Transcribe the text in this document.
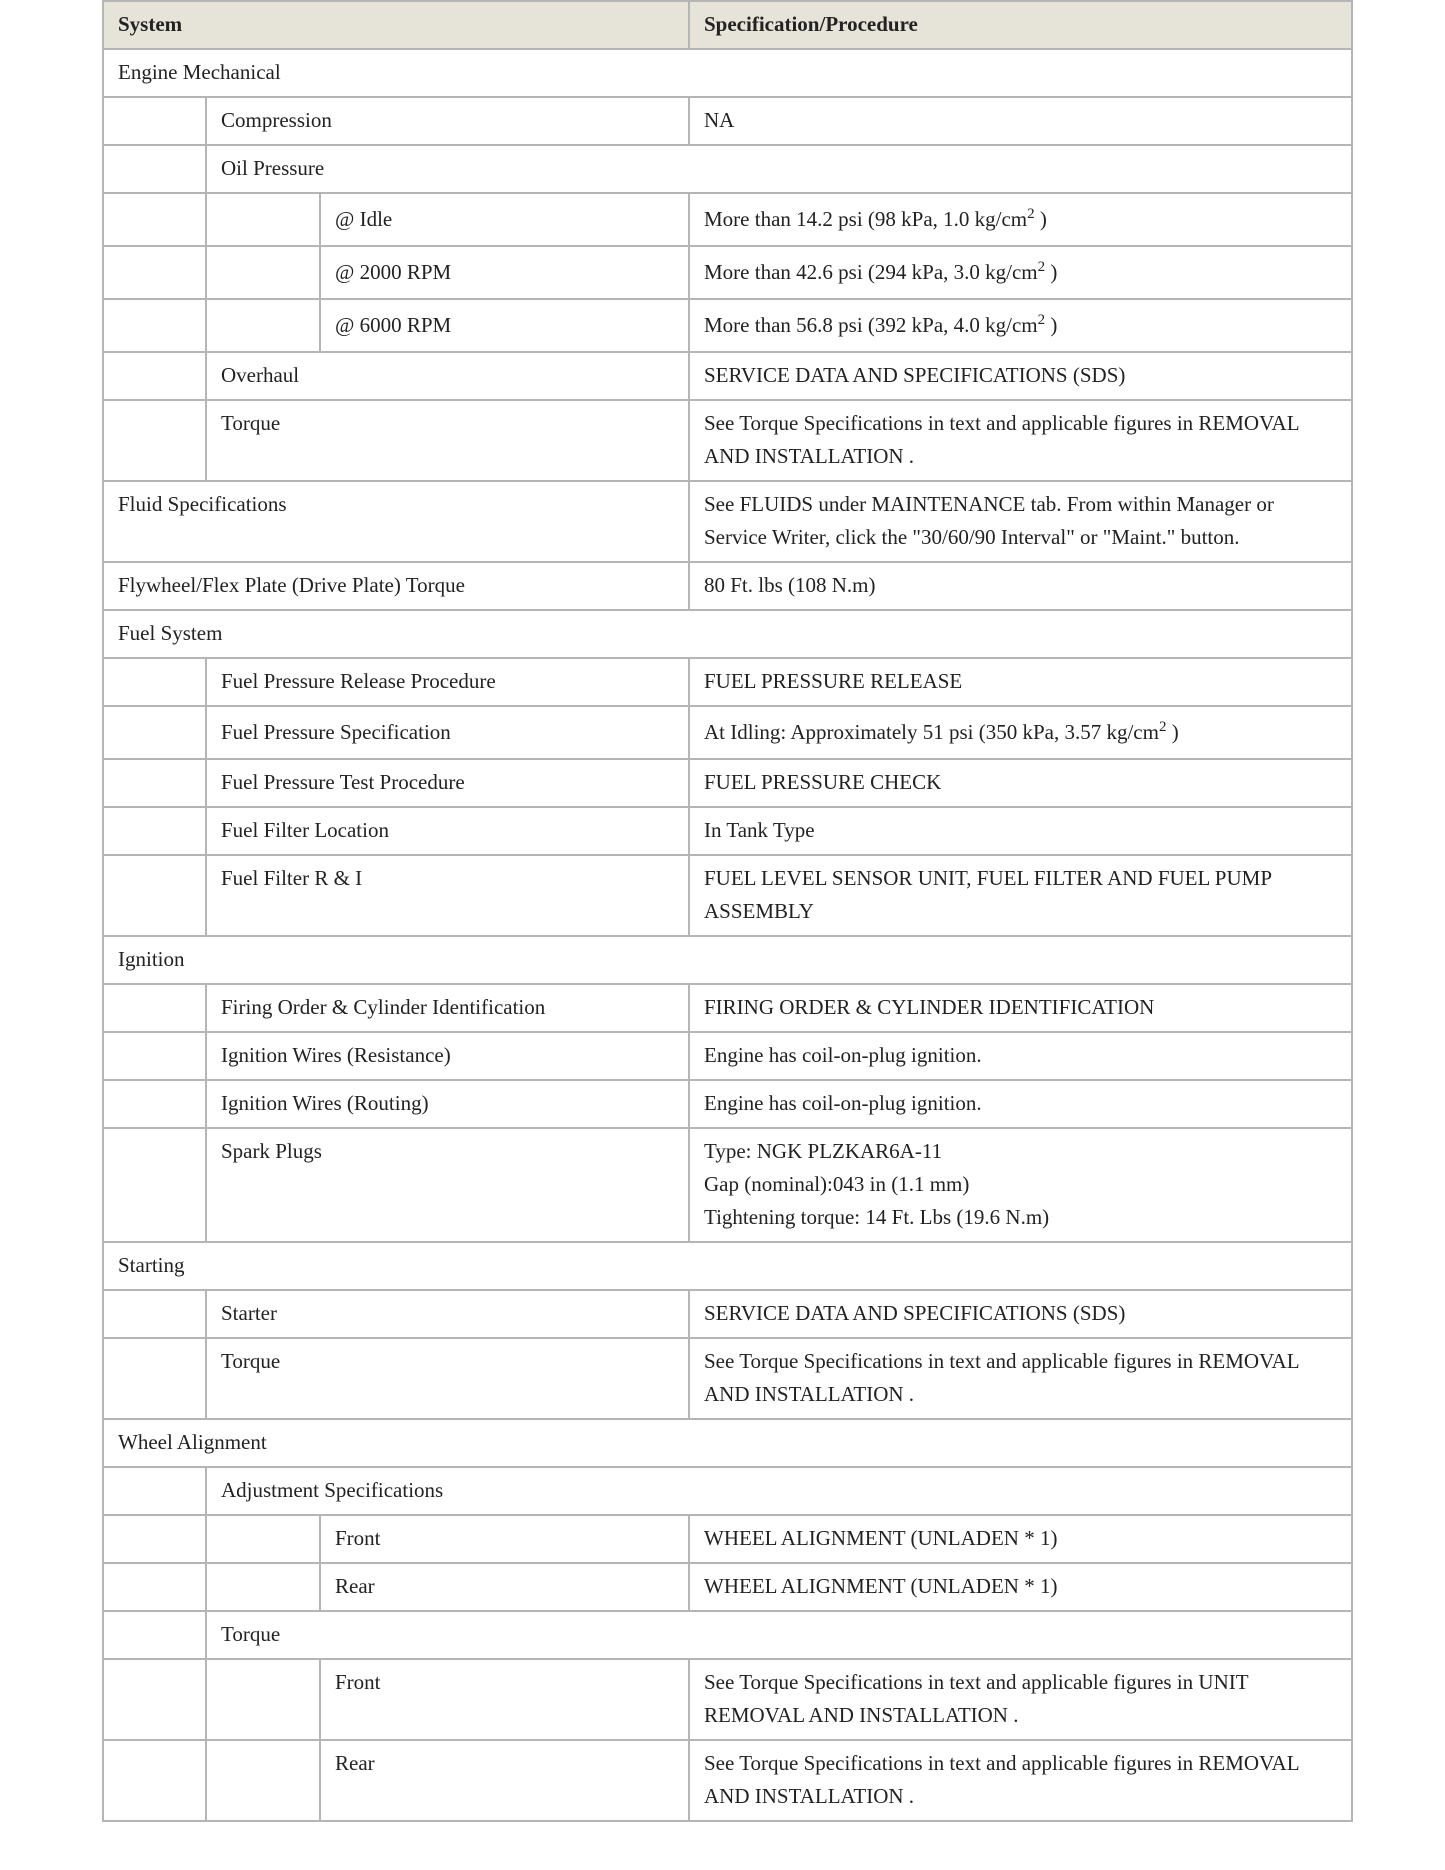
System			Specification/Procedure
Engine Mechanical			
	Compression		NA
	Oil Pressure		
		@ Idle	More than 14.2 psi (98 kPa, 1.0 $kg/cm^2$ )
		@ 2000 RPM	More than 42.6 psi (294 kPa, 3.0 $kg/cm^2$ )
		@ 6000 RPM	More than 56.8 psi (392 kPa, 4.0 $kg/cm^2$ )
	Overhaul		SERVICE DATA AND SPECIFICATIONS (SDS)
	Torque		See Torque Specifications in text and applicable figures in REMOVAL AND INSTALLATION .
Fluid Specifications			See FLUIDS under MAINTENANCE tab. From within Manager or Service Writer, click the "30/60/90 Interval" or "Maint." button.
Flywheel/Flex Plate (Drive Plate) Torque			80 Ft. lbs (108 N.m)
Fuel System			
	Fuel Pressure Release Procedure		FUEL PRESSURE RELEASE
	Fuel Pressure Specification		At Idling: Approximately 51 psi (350 kPa, 3.57 $kg/cm^2$ )
	Fuel Pressure Test Procedure		FUEL PRESSURE CHECK
	Fuel Filter Location		In Tank Type
	Fuel Filter R & I		FUEL LEVEL SENSOR UNIT, FUEL FILTER AND FUEL PUMP ASSEMBLY
Ignition			
	Firing Order & Cylinder Identification		FIRING ORDER & CYLINDER IDENTIFICATION
	Ignition Wires (Resistance)		Engine has coil-on-plug ignition.
	Ignition Wires (Routing)		Engine has coil-on-plug ignition.
	Spark Plugs		Type: NGK PLZKAR6A-11
Gap (nominal):043 in (1.1 mm)
Tightening torque: 14 Ft. Lbs (19.6 N.m)

Starting			
	Starter		SERVICE DATA AND SPECIFICATIONS (SDS)
	Torque		See Torque Specifications in text and applicable figures in REMOVAL AND INSTALLATION .
Wheel Alignment			
	Adjustment Specifications		
		Front	WHEEL ALIGNMENT (UNLADEN * 1)
		Rear	WHEEL ALIGNMENT (UNLADEN * 1)
	Torque		
		Front	See Torque Specifications in text and applicable figures in UNIT REMOVAL AND INSTALLATION .
		Rear	See Torque Specifications in text and applicable figures in REMOVAL AND INSTALLATION .
